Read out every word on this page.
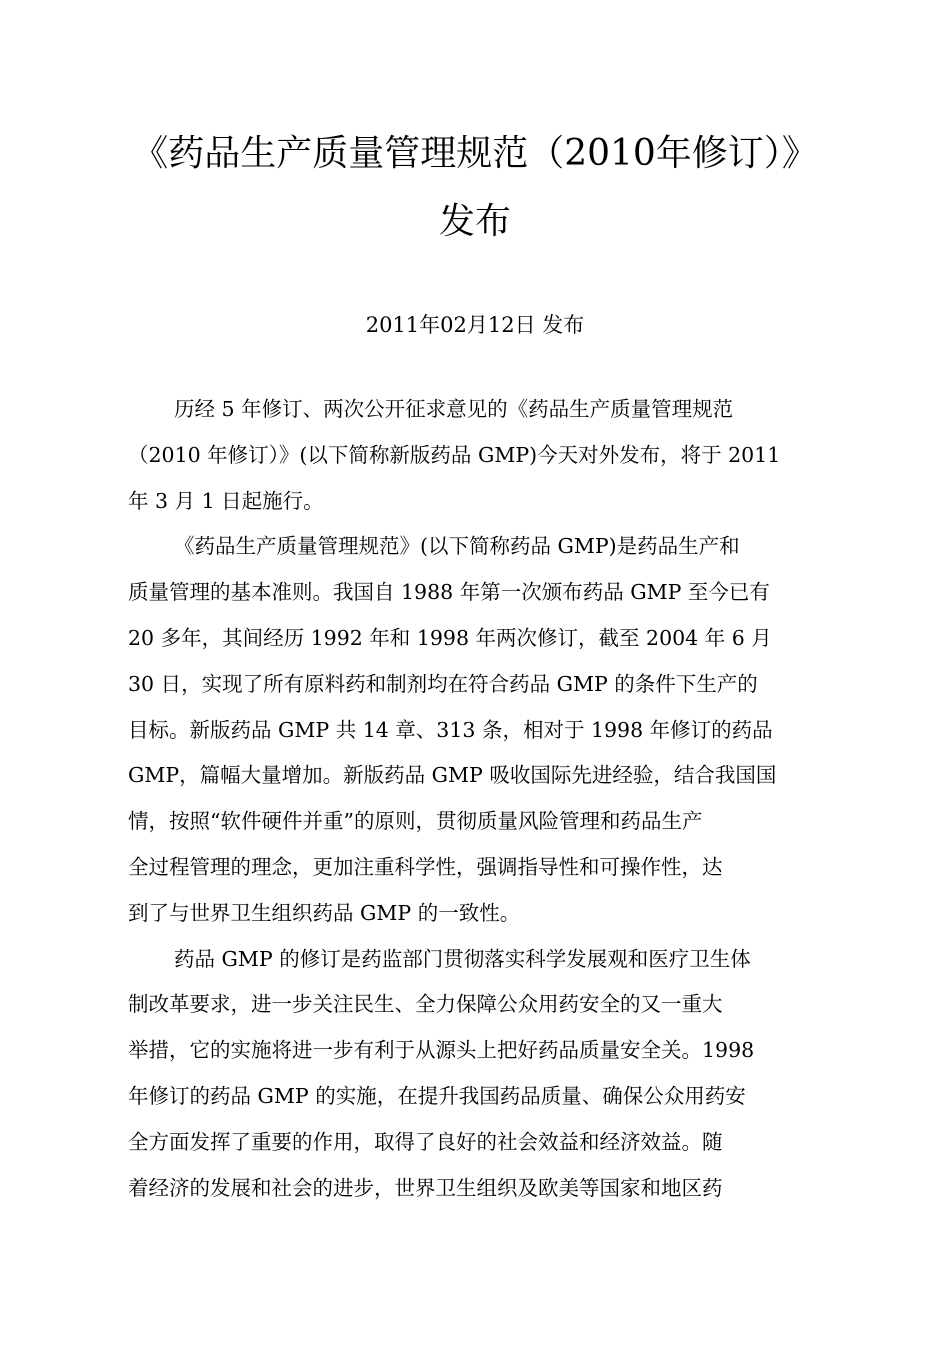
《药品生产质量管理规范（2010年修订）》
发布
2011年02月12日 发布
历经 5 年修订、两次公开征求意见的《药品生产质量管理规范
（2010 年修订）》(以下简称新版药品 GMP)今天对外发布，将于 2011
年 3 月 1 日起施行。
《药品生产质量管理规范》(以下简称药品 GMP)是药品生产和
质量管理的基本准则。我国自 1988 年第一次颁布药品 GMP 至今已有
20 多年，其间经历 1992 年和 1998 年两次修订，截至 2004 年 6 月
30 日，实现了所有原料药和制剂均在符合药品 GMP 的条件下生产的
目标。新版药品 GMP 共 14 章、313 条，相对于 1998 年修订的药品
GMP，篇幅大量增加。新版药品 GMP 吸收国际先进经验，结合我国国
情，按照“软件硬件并重”的原则，贯彻质量风险管理和药品生产
全过程管理的理念，更加注重科学性，强调指导性和可操作性，达
到了与世界卫生组织药品 GMP 的一致性。
药品 GMP 的修订是药监部门贯彻落实科学发展观和医疗卫生体
制改革要求，进一步关注民生、全力保障公众用药安全的又一重大
举措，它的实施将进一步有利于从源头上把好药品质量安全关。1998
年修订的药品 GMP 的实施，在提升我国药品质量、确保公众用药安
全方面发挥了重要的作用，取得了良好的社会效益和经济效益。随
着经济的发展和社会的进步，世界卫生组织及欧美等国家和地区药
